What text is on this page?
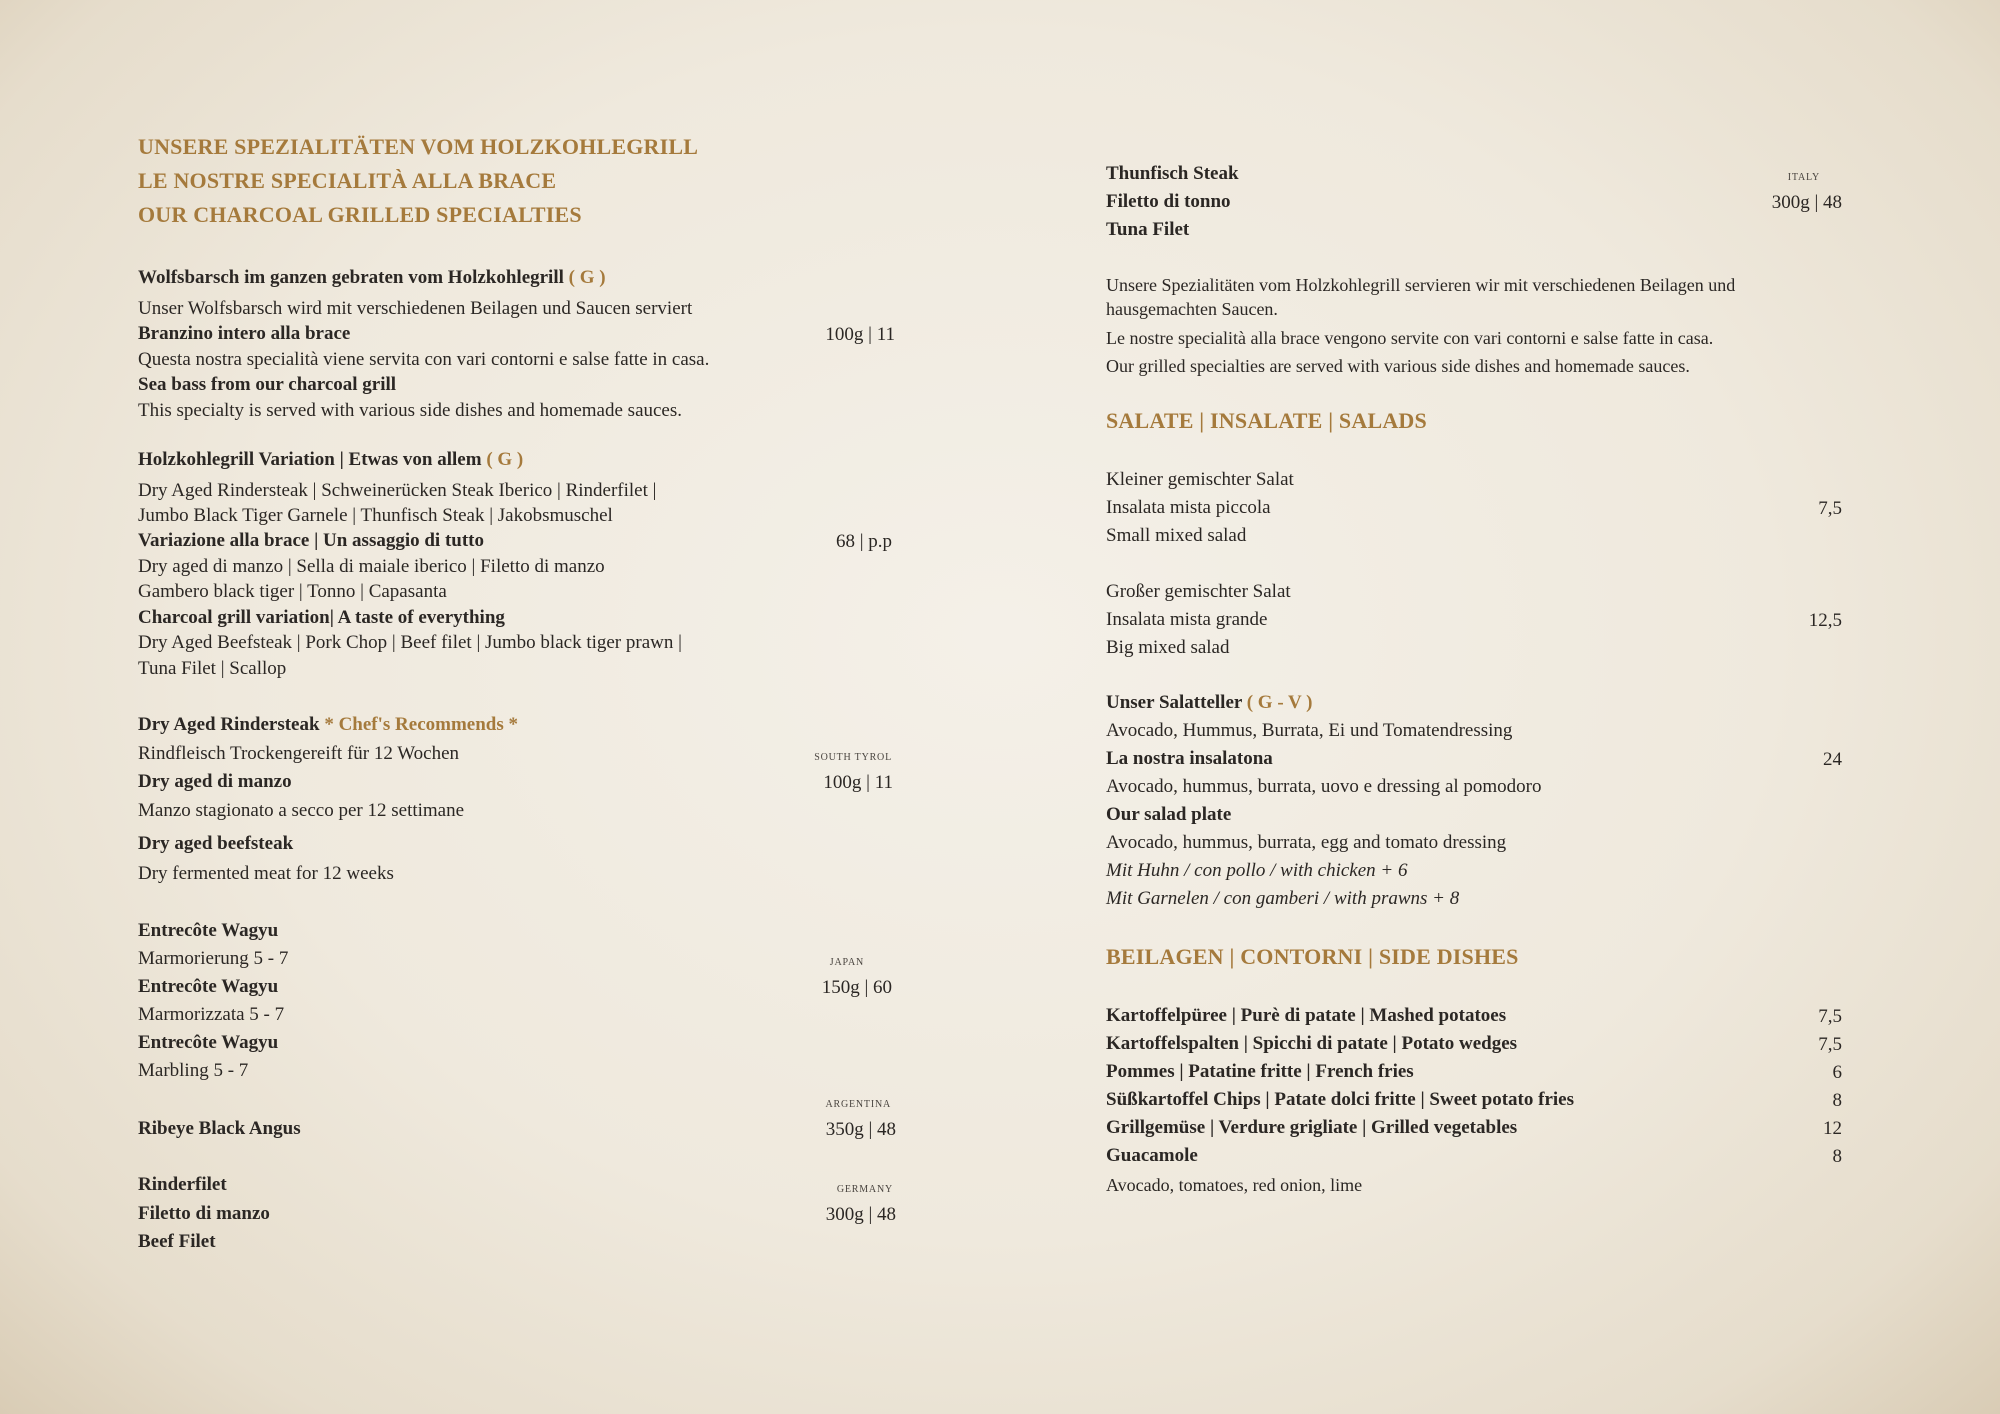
UNSERE SPEZIALITÄTEN VOM HOLZKOHLEGRILL
LE NOSTRE SPECIALITÀ ALLA BRACE
OUR CHARCOAL GRILLED SPECIALTIES
Wolfsbarsch im ganzen gebraten vom Holzkohlegrill ( G )
Unser Wolfsbarsch wird mit verschiedenen Beilagen und Saucen serviert
Branzino intero alla brace	100g | 11
Questa nostra specialità viene servita con vari contorni e salse fatte in casa.
Sea bass from our charcoal grill
This specialty is served with various side dishes and homemade sauces.
Holzkohlegrill Variation | Etwas von allem ( G )
Dry Aged Rindersteak | Schweinerücken Steak Iberico | Rinderfilet |
Jumbo Black Tiger Garnele | Thunfisch Steak | Jakobsmuschel
Variazione alla brace | Un assaggio di tutto	68 | p.p
Dry aged di manzo | Sella di maiale iberico | Filetto di manzo
Gambero black tiger | Tonno | Capasanta
Charcoal grill variation| A taste of everything
Dry Aged Beefsteak | Pork Chop | Beef filet | Jumbo black tiger prawn |
Tuna Filet | Scallop
Dry Aged Rindersteak * Chef's Recommends *
Rindfleisch Trockengereift für 12 Wochen	SOUTH TYROL
Dry aged di manzo	100g | 11
Manzo stagionato a secco per 12 settimane
Dry aged beefsteak
Dry fermented meat for 12 weeks
Entrecôte Wagyu
Marmorierung 5 - 7	JAPAN
Entrecôte Wagyu	150g | 60
Marmorizzata 5 - 7
Entrecôte Wagyu
Marbling 5 - 7
ARGENTINA
Ribeye Black Angus	350g | 48
Rinderfilet	GERMANY
Filetto di manzo	300g | 48
Beef Filet
Thunfisch Steak	ITALY
Filetto di tonno	300g | 48
Tuna Filet
Unsere Spezialitäten vom Holzkohlegrill servieren wir mit verschiedenen Beilagen und
hausgemachten Saucen.
Le nostre specialità alla brace vengono servite con vari contorni e salse fatte in casa.
Our grilled specialties are served with various side dishes and homemade sauces.
SALATE | INSALATE | SALADS
Kleiner gemischter Salat
Insalata mista piccola	7,5
Small mixed salad
Großer gemischter Salat
Insalata mista grande	12,5
Big mixed salad
Unser Salatteller ( G - V )
Avocado, Hummus, Burrata, Ei und Tomatendressing
La nostra insalatona	24
Avocado, hummus, burrata, uovo e dressing al pomodoro
Our salad plate
Avocado, hummus, burrata, egg and tomato dressing
Mit Huhn / con pollo / with chicken + 6
Mit Garnelen / con gamberi / with prawns + 8
BEILAGEN | CONTORNI | SIDE DISHES
Kartoffelpüree | Purè di patate | Mashed potatoes	7,5
Kartoffelspalten | Spicchi di patate | Potato wedges	7,5
Pommes | Patatine fritte | French fries	6
Süßkartoffel Chips | Patate dolci fritte | Sweet potato fries	8
Grillgemüse | Verdure grigliate | Grilled vegetables	12
Guacamole	8
Avocado, tomatoes, red onion, lime
